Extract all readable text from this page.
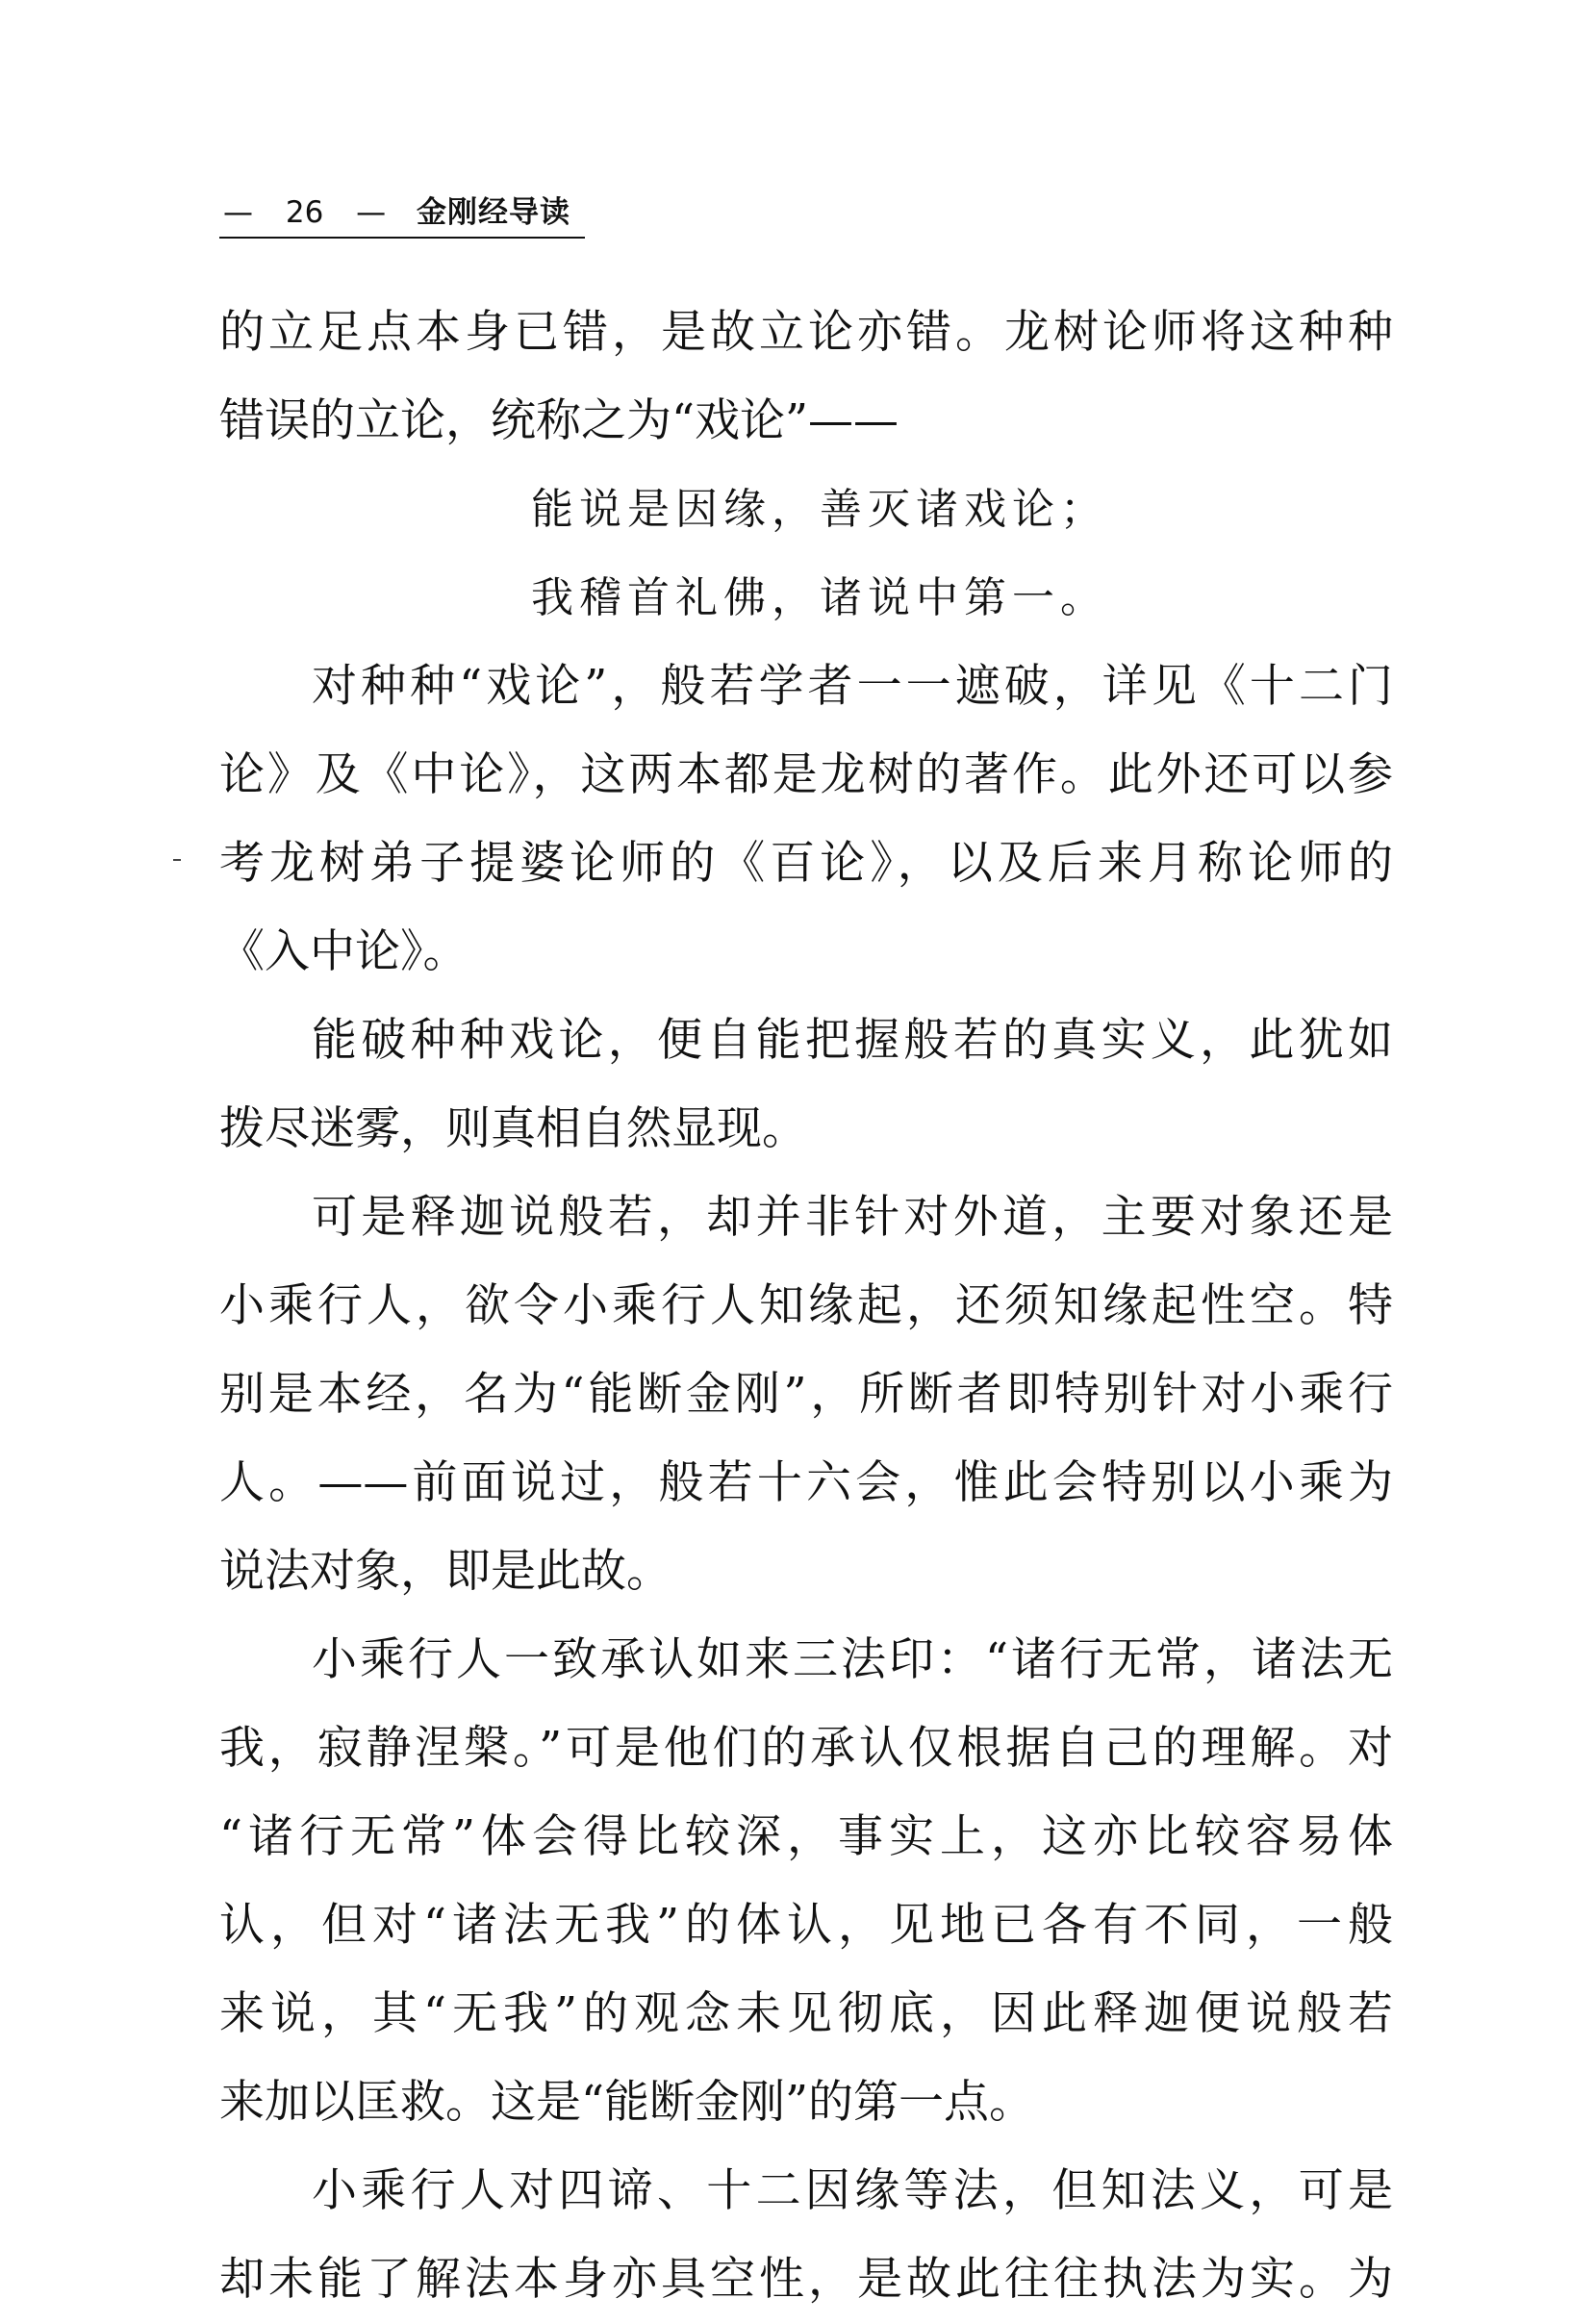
— 26 — 金刚经导读
的立足点本身已错，是故立论亦错。龙树论师将这种种
错误的立论，统称之为“戏论”——
能说是因缘，善灭诸戏论；
我稽首礼佛，诸说中第一。
对种种“戏论”，般若学者一一遮破，详见《十二门
论》及《中论》，这两本都是龙树的著作。此外还可以参
考龙树弟子提婆论师的《百论》，以及后来月称论师的
《入中论》。
能破种种戏论，便自能把握般若的真实义，此犹如
拨尽迷雾，则真相自然显现。
可是释迦说般若，却并非针对外道，主要对象还是
小乘行人，欲令小乘行人知缘起，还须知缘起性空。特
别是本经，名为“能断金刚”，所断者即特别针对小乘行
人。——前面说过，般若十六会，惟此会特别以小乘为
说法对象，即是此故。
小乘行人一致承认如来三法印：“诸行无常，诸法无
我，寂静涅槃。”可是他们的承认仅根据自己的理解。对
“诸行无常”体会得比较深，事实上，这亦比较容易体
认，但对“诸法无我”的体认，见地已各有不同，一般
来说，其“无我”的观念未见彻底，因此释迦便说般若
来加以匡救。这是“能断金刚”的第一点。
小乘行人对四谛、十二因缘等法，但知法义，可是
却未能了解法本身亦具空性，是故此往往执法为实。为
